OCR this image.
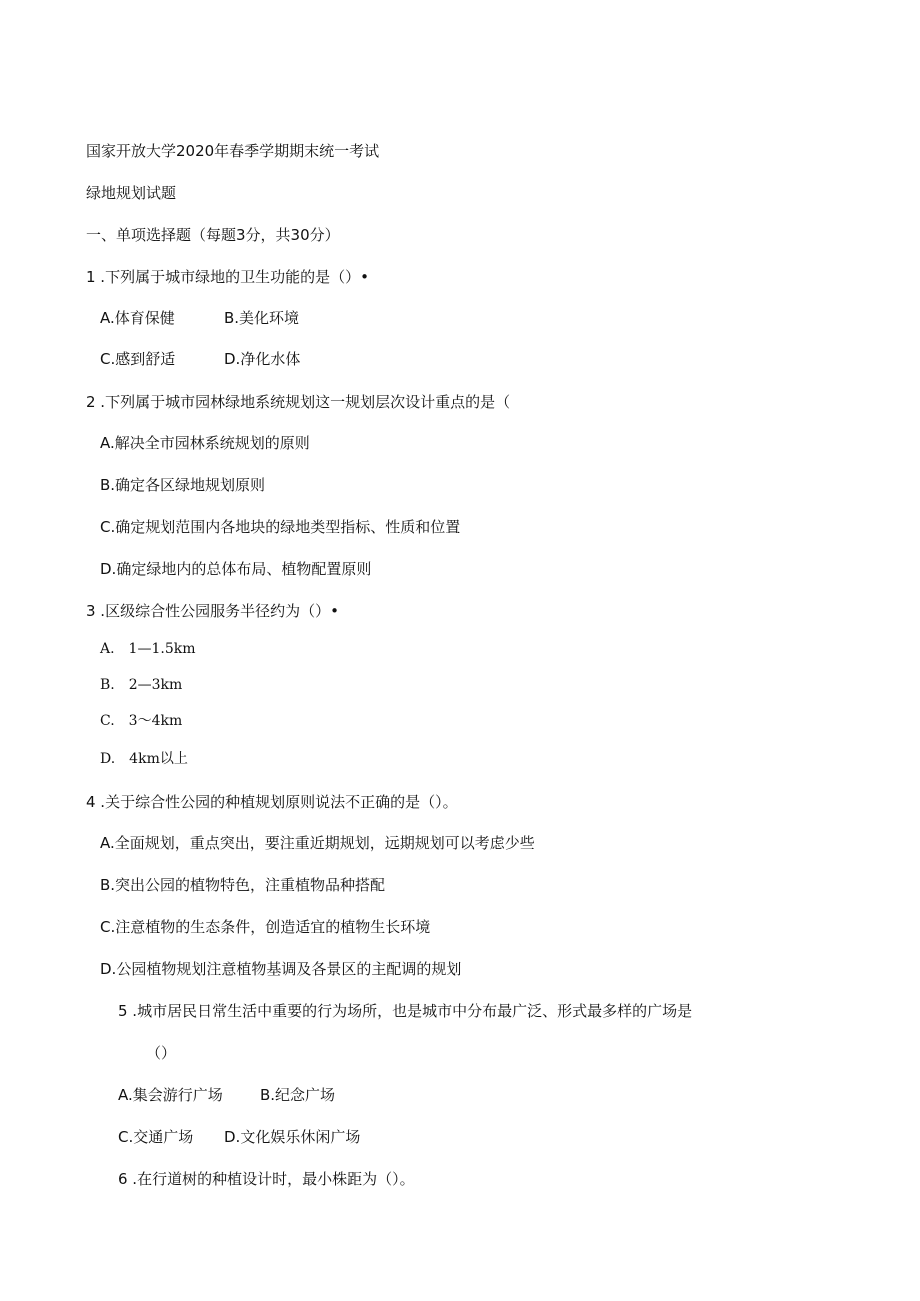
国家开放大学2020年春季学期期末统一考试
绿地规划试题
一、单项选择题（每题3分，共30分）
1 .下列属于城市绿地的卫生功能的是（）•
A.体育保健	B.美化环境
C.感到舒适	D.净化水体
2 .下列属于城市园林绿地系统规划这一规划层次设计重点的是（
A.解决全市园林系统规划的原则
B.确定各区绿地规划原则
C.确定规划范围内各地块的绿地类型指标、性质和位置
D.确定绿地内的总体布局、植物配置原则
3 .区级综合性公园服务半径约为（）•
A.　1—1.5km
B.　2—3km
C.　3～4km
D.　4km以上
4 .关于综合性公园的种植规划原则说法不正确的是（）。
A.全面规划，重点突出，要注重近期规划，远期规划可以考虑少些
B.突出公园的植物特色，注重植物品种搭配
C.注意植物的生态条件，创造适宜的植物生长环境
D.公园植物规划注意植物基调及各景区的主配调的规划
5 .城市居民日常生活中重要的行为场所，也是城市中分布最广泛、形式最多样的广场是
（）
A.集会游行广场 B.纪念广场
C.交通广场 D.文化娱乐休闲广场
6 .在行道树的种植设计时，最小株距为（）。
